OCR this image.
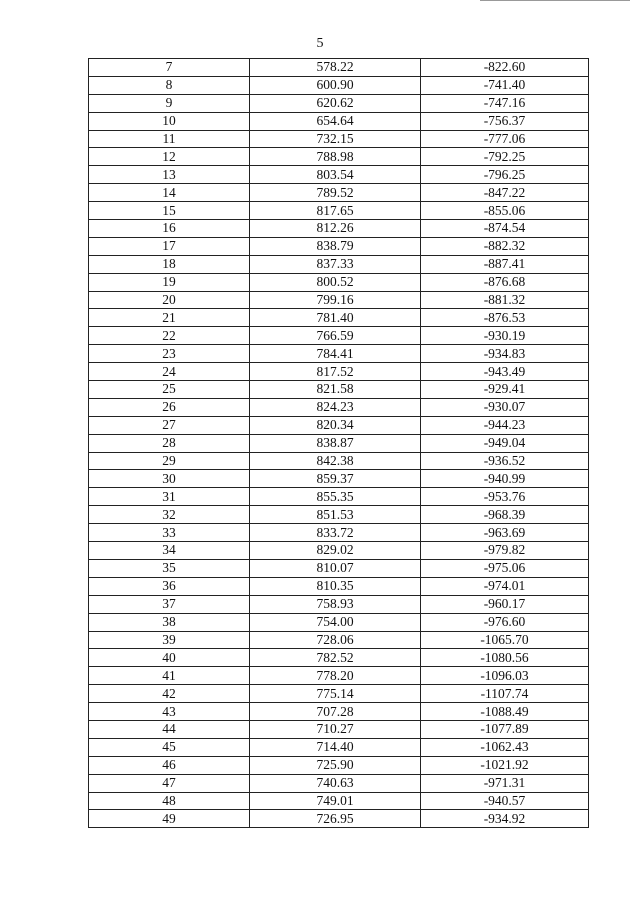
5
7	578.22	-822.60
8	600.90	-741.40
9	620.62	-747.16
10	654.64	-756.37
11	732.15	-777.06
12	788.98	-792.25
13	803.54	-796.25
14	789.52	-847.22
15	817.65	-855.06
16	812.26	-874.54
17	838.79	-882.32
18	837.33	-887.41
19	800.52	-876.68
20	799.16	-881.32
21	781.40	-876.53
22	766.59	-930.19
23	784.41	-934.83
24	817.52	-943.49
25	821.58	-929.41
26	824.23	-930.07
27	820.34	-944.23
28	838.87	-949.04
29	842.38	-936.52
30	859.37	-940.99
31	855.35	-953.76
32	851.53	-968.39
33	833.72	-963.69
34	829.02	-979.82
35	810.07	-975.06
36	810.35	-974.01
37	758.93	-960.17
38	754.00	-976.60
39	728.06	-1065.70
40	782.52	-1080.56
41	778.20	-1096.03
42	775.14	-1107.74
43	707.28	-1088.49
44	710.27	-1077.89
45	714.40	-1062.43
46	725.90	-1021.92
47	740.63	-971.31
48	749.01	-940.57
49	726.95	-934.92
